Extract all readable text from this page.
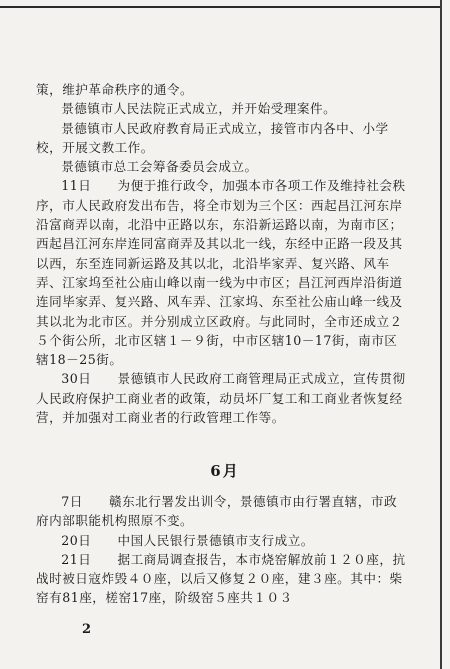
策，维护革命秩序的通令。

景德镇市人民法院正式成立，并开始受理案件。

景德镇市人民政府教育局正式成立，接管市内各中、小学校，开展文教工作。

景德镇市总工会筹备委员会成立。

11日　　为便于推行政令，加强本市各项工作及维持社会秩序，市人民政府发出布告，将全市划为三个区：西起昌江河东岸沿富商弄以南，北沿中正路以东，东沿新运路以南，为南市区；西起昌江河东岸连同富商弄及其以北一线，东经中正路一段及其以西，东至连同新运路及其以北，北沿毕家弄、复兴路、风车弄、江家坞至社公庙山峰以南一线为中市区；昌江河西岸沿街道连同毕家弄、复兴路、风车弄、江家坞、东至社公庙山峰一线及其以北为北市区。并分别成立区政府。与此同时，全市还成立２５个街公所，北市区辖１－９街，中市区辖10－17街，南市区辖18－25街。

30日　　景德镇市人民政府工商管理局正式成立，宣传贯彻人民政府保护工商业者的政策，动员坏厂复工和工商业者恢复经营，并加强对工商业者的行政管理工作等。

6月

7日　　赣东北行署发出训令，景德镇市由行署直辖，市政府内部职能机构照原不变。

20日　　中国人民银行景德镇市支行成立。

21日　　据工商局调查报告，本市烧窑解放前１２０座，抗战时被日寇炸毁４０座，以后又修复２０座，建３座。其中：柴窑有81座，槎窑17座，阶级窑５座共１０３

2
